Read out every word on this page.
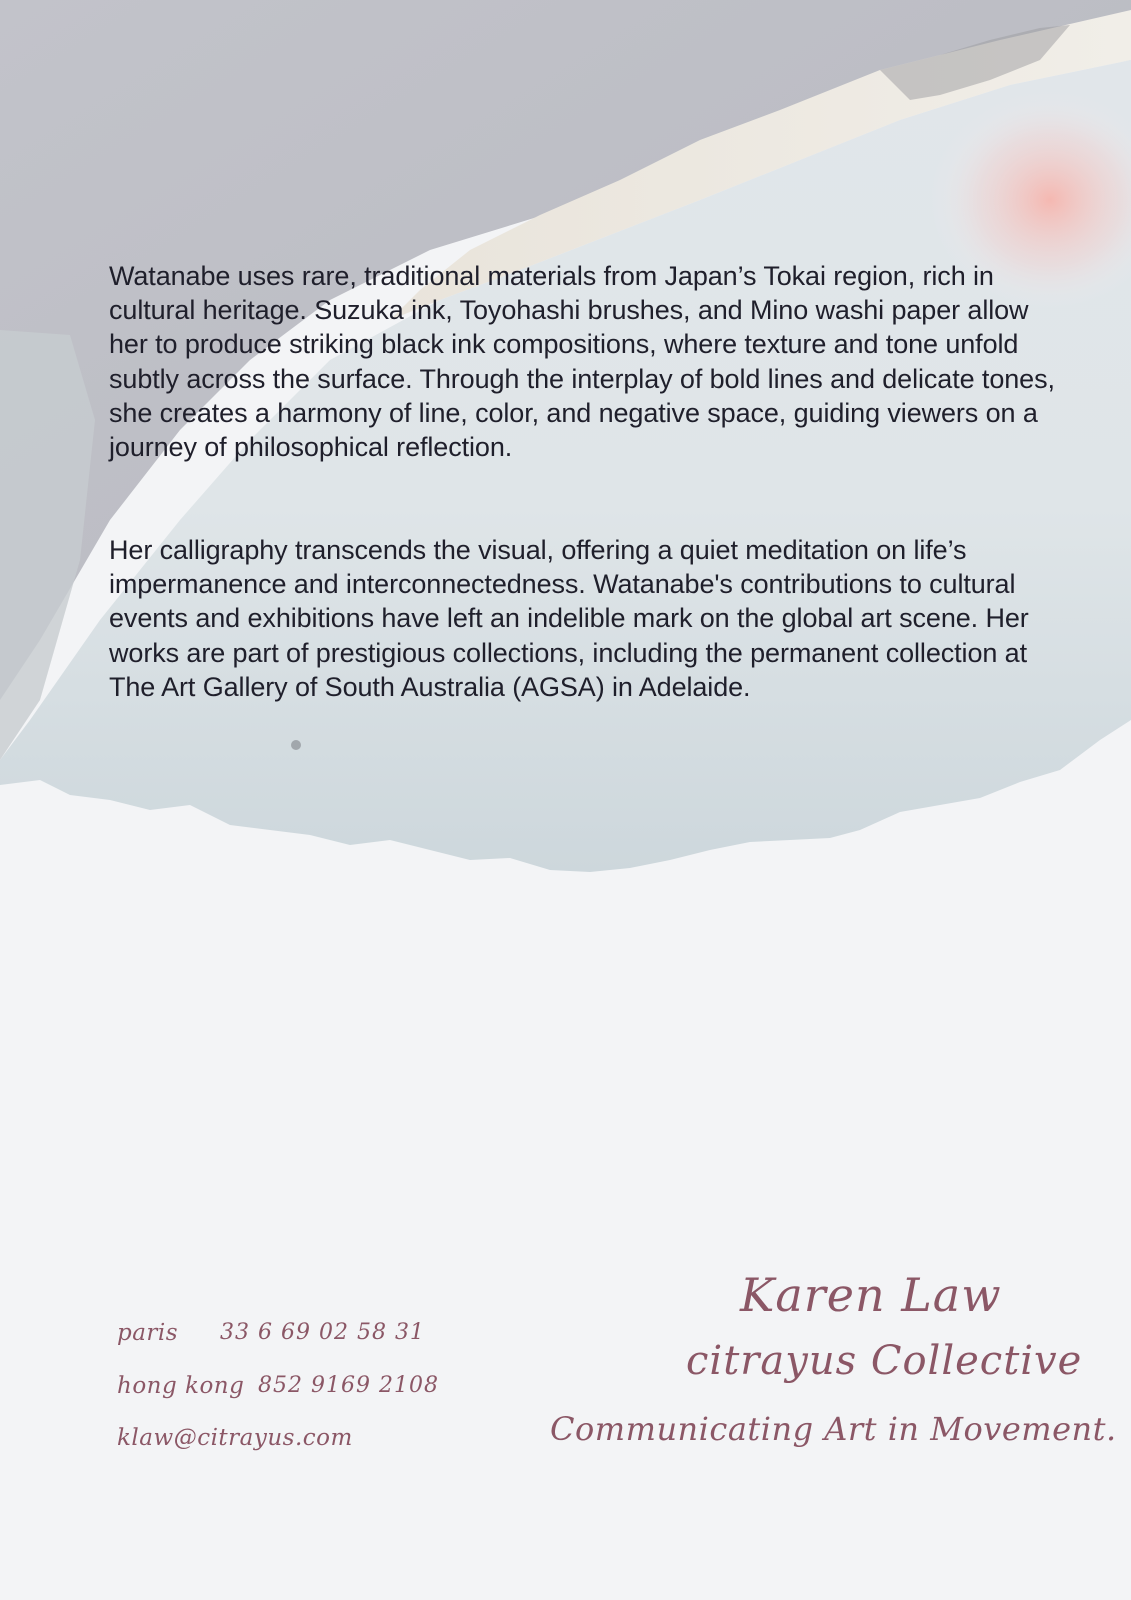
Watanabe uses rare, traditional materials from Japan’s Tokai region, rich in cultural heritage. Suzuka ink, Toyohashi brushes, and Mino washi paper allow her to produce striking black ink compositions, where texture and tone unfold subtly across the surface. Through the interplay of bold lines and delicate tones, she creates a harmony of line, color, and negative space, guiding viewers on a journey of philosophical reflection.

Her calligraphy transcends the visual, offering a quiet meditation on life’s impermanence and interconnectedness. Watanabe's contributions to cultural events and exhibitions have left an indelible mark on the global art scene. Her works are part of prestigious collections, including the permanent collection at The Art Gallery of South Australia (AGSA) in Adelaide.

paris 33 6 69 02 58 31
hong kong 852 9169 2108
klaw@citrayus.com
Karen Law
citrayus Collective
Communicating Art in Movement.
